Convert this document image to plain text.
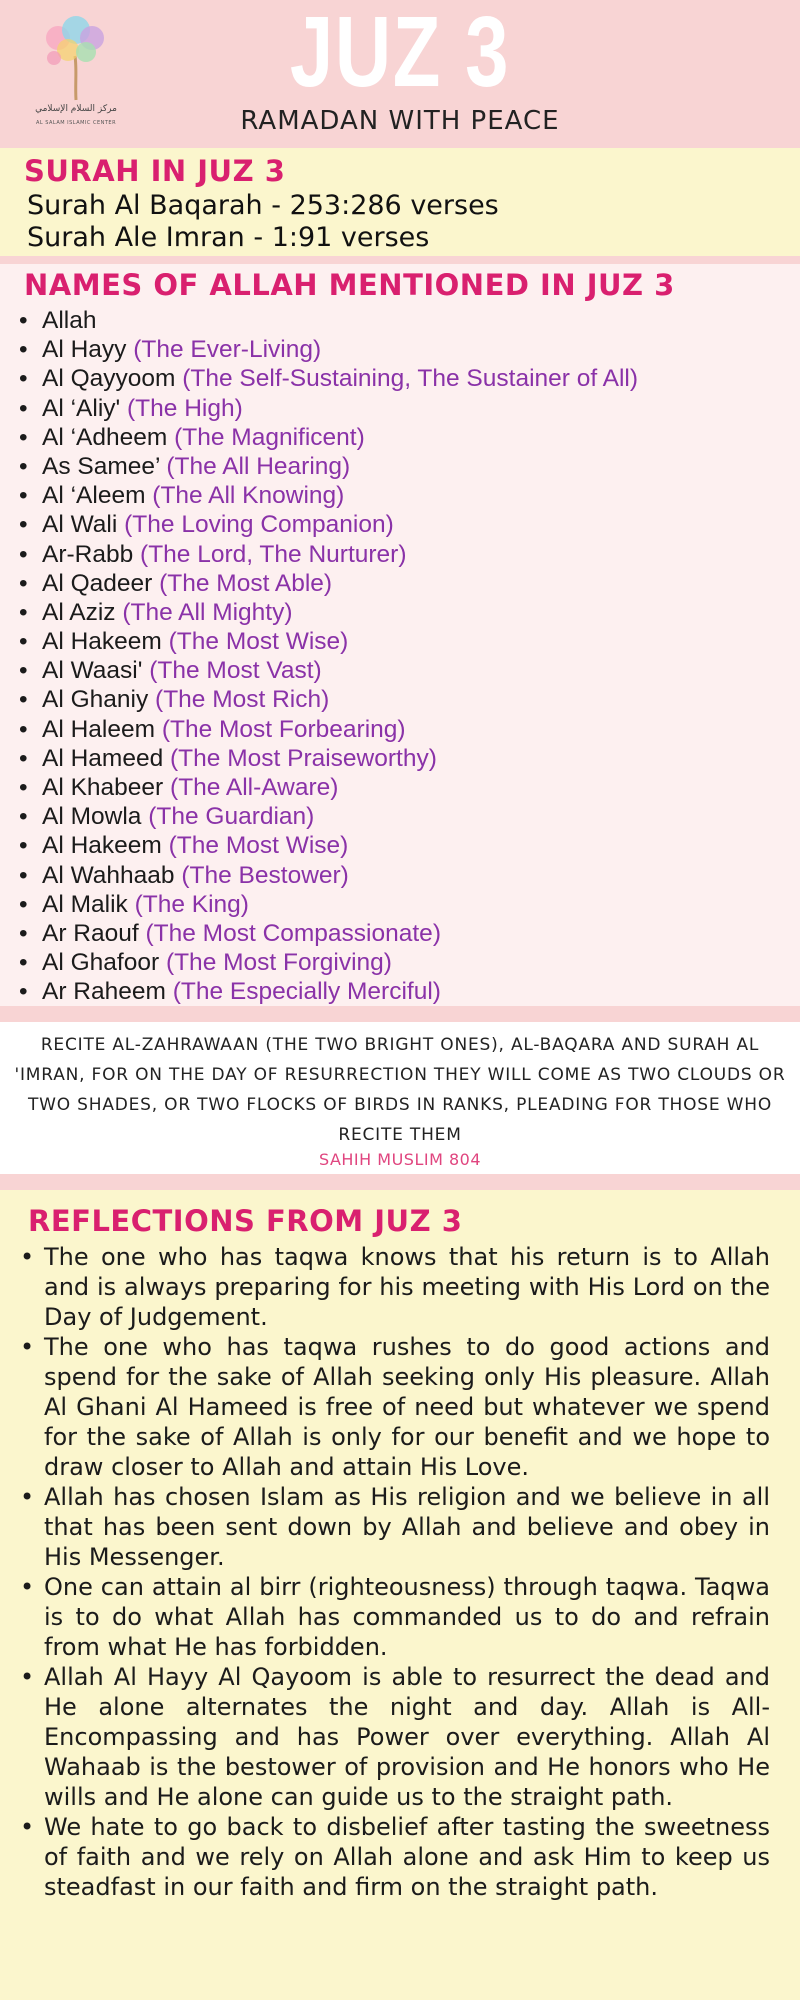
مركز السلام الإسلامي
AL SALAM ISLAMIC CENTER
JUZ 3
RAMADAN WITH PEACE
SURAH IN JUZ 3
Surah Al Baqarah - 253:286 verses
Surah Ale Imran - 1:91 verses
NAMES OF ALLAH MENTIONED IN JUZ 3
• Allah
• Al Hayy (The Ever-Living)
• Al Qayyoom (The Self-Sustaining, The Sustainer of All)
• Al ‘Aliy' (The High)
• Al ‘Adheem (The Magnificent)
• As Samee’ (The All Hearing)
• Al ‘Aleem (The All Knowing)
• Al Wali (The Loving Companion)
• Ar-Rabb (The Lord, The Nurturer)
• Al Qadeer (The Most Able)
• Al Aziz (The All Mighty)
• Al Hakeem (The Most Wise)
• Al Waasi' (The Most Vast)
• Al Ghaniy (The Most Rich)
• Al Haleem (The Most Forbearing)
• Al Hameed (The Most Praiseworthy)
• Al Khabeer (The All-Aware)
• Al Mowla (The Guardian)
• Al Hakeem (The Most Wise)
• Al Wahhaab (The Bestower)
• Al Malik (The King)
• Ar Raouf (The Most Compassionate)
• Al Ghafoor (The Most Forgiving)
• Ar Raheem (The Especially Merciful)
RECITE AL-ZAHRAWAAN (THE TWO BRIGHT ONES), AL-BAQARA AND SURAH AL 'IMRAN, FOR ON THE DAY OF RESURRECTION THEY WILL COME AS TWO CLOUDS OR TWO SHADES, OR TWO FLOCKS OF BIRDS IN RANKS, PLEADING FOR THOSE WHO RECITE THEM
SAHIH MUSLIM 804
REFLECTIONS FROM JUZ 3
• The one who has taqwa knows that his return is to Allah and is always preparing for his meeting with His Lord on the Day of Judgement.
• The one who has taqwa rushes to do good actions and spend for the sake of Allah seeking only His pleasure. Allah Al Ghani Al Hameed is free of need but whatever we spend for the sake of Allah is only for our benefit and we hope to draw closer to Allah and attain His Love.
• Allah has chosen Islam as His religion and we believe in all that has been sent down by Allah and believe and obey in His Messenger.
• One can attain al birr (righteousness) through taqwa. Taqwa is to do what Allah has commanded us to do and refrain from what He has forbidden.
• Allah Al Hayy Al Qayoom is able to resurrect the dead and He alone alternates the night and day. Allah is All-Encompassing and has Power over everything. Allah Al Wahaab is the bestower of provision and He honors who He wills and He alone can guide us to the straight path.
• We hate to go back to disbelief after tasting the sweetness of faith and we rely on Allah alone and ask Him to keep us steadfast in our faith and firm on the straight path.
